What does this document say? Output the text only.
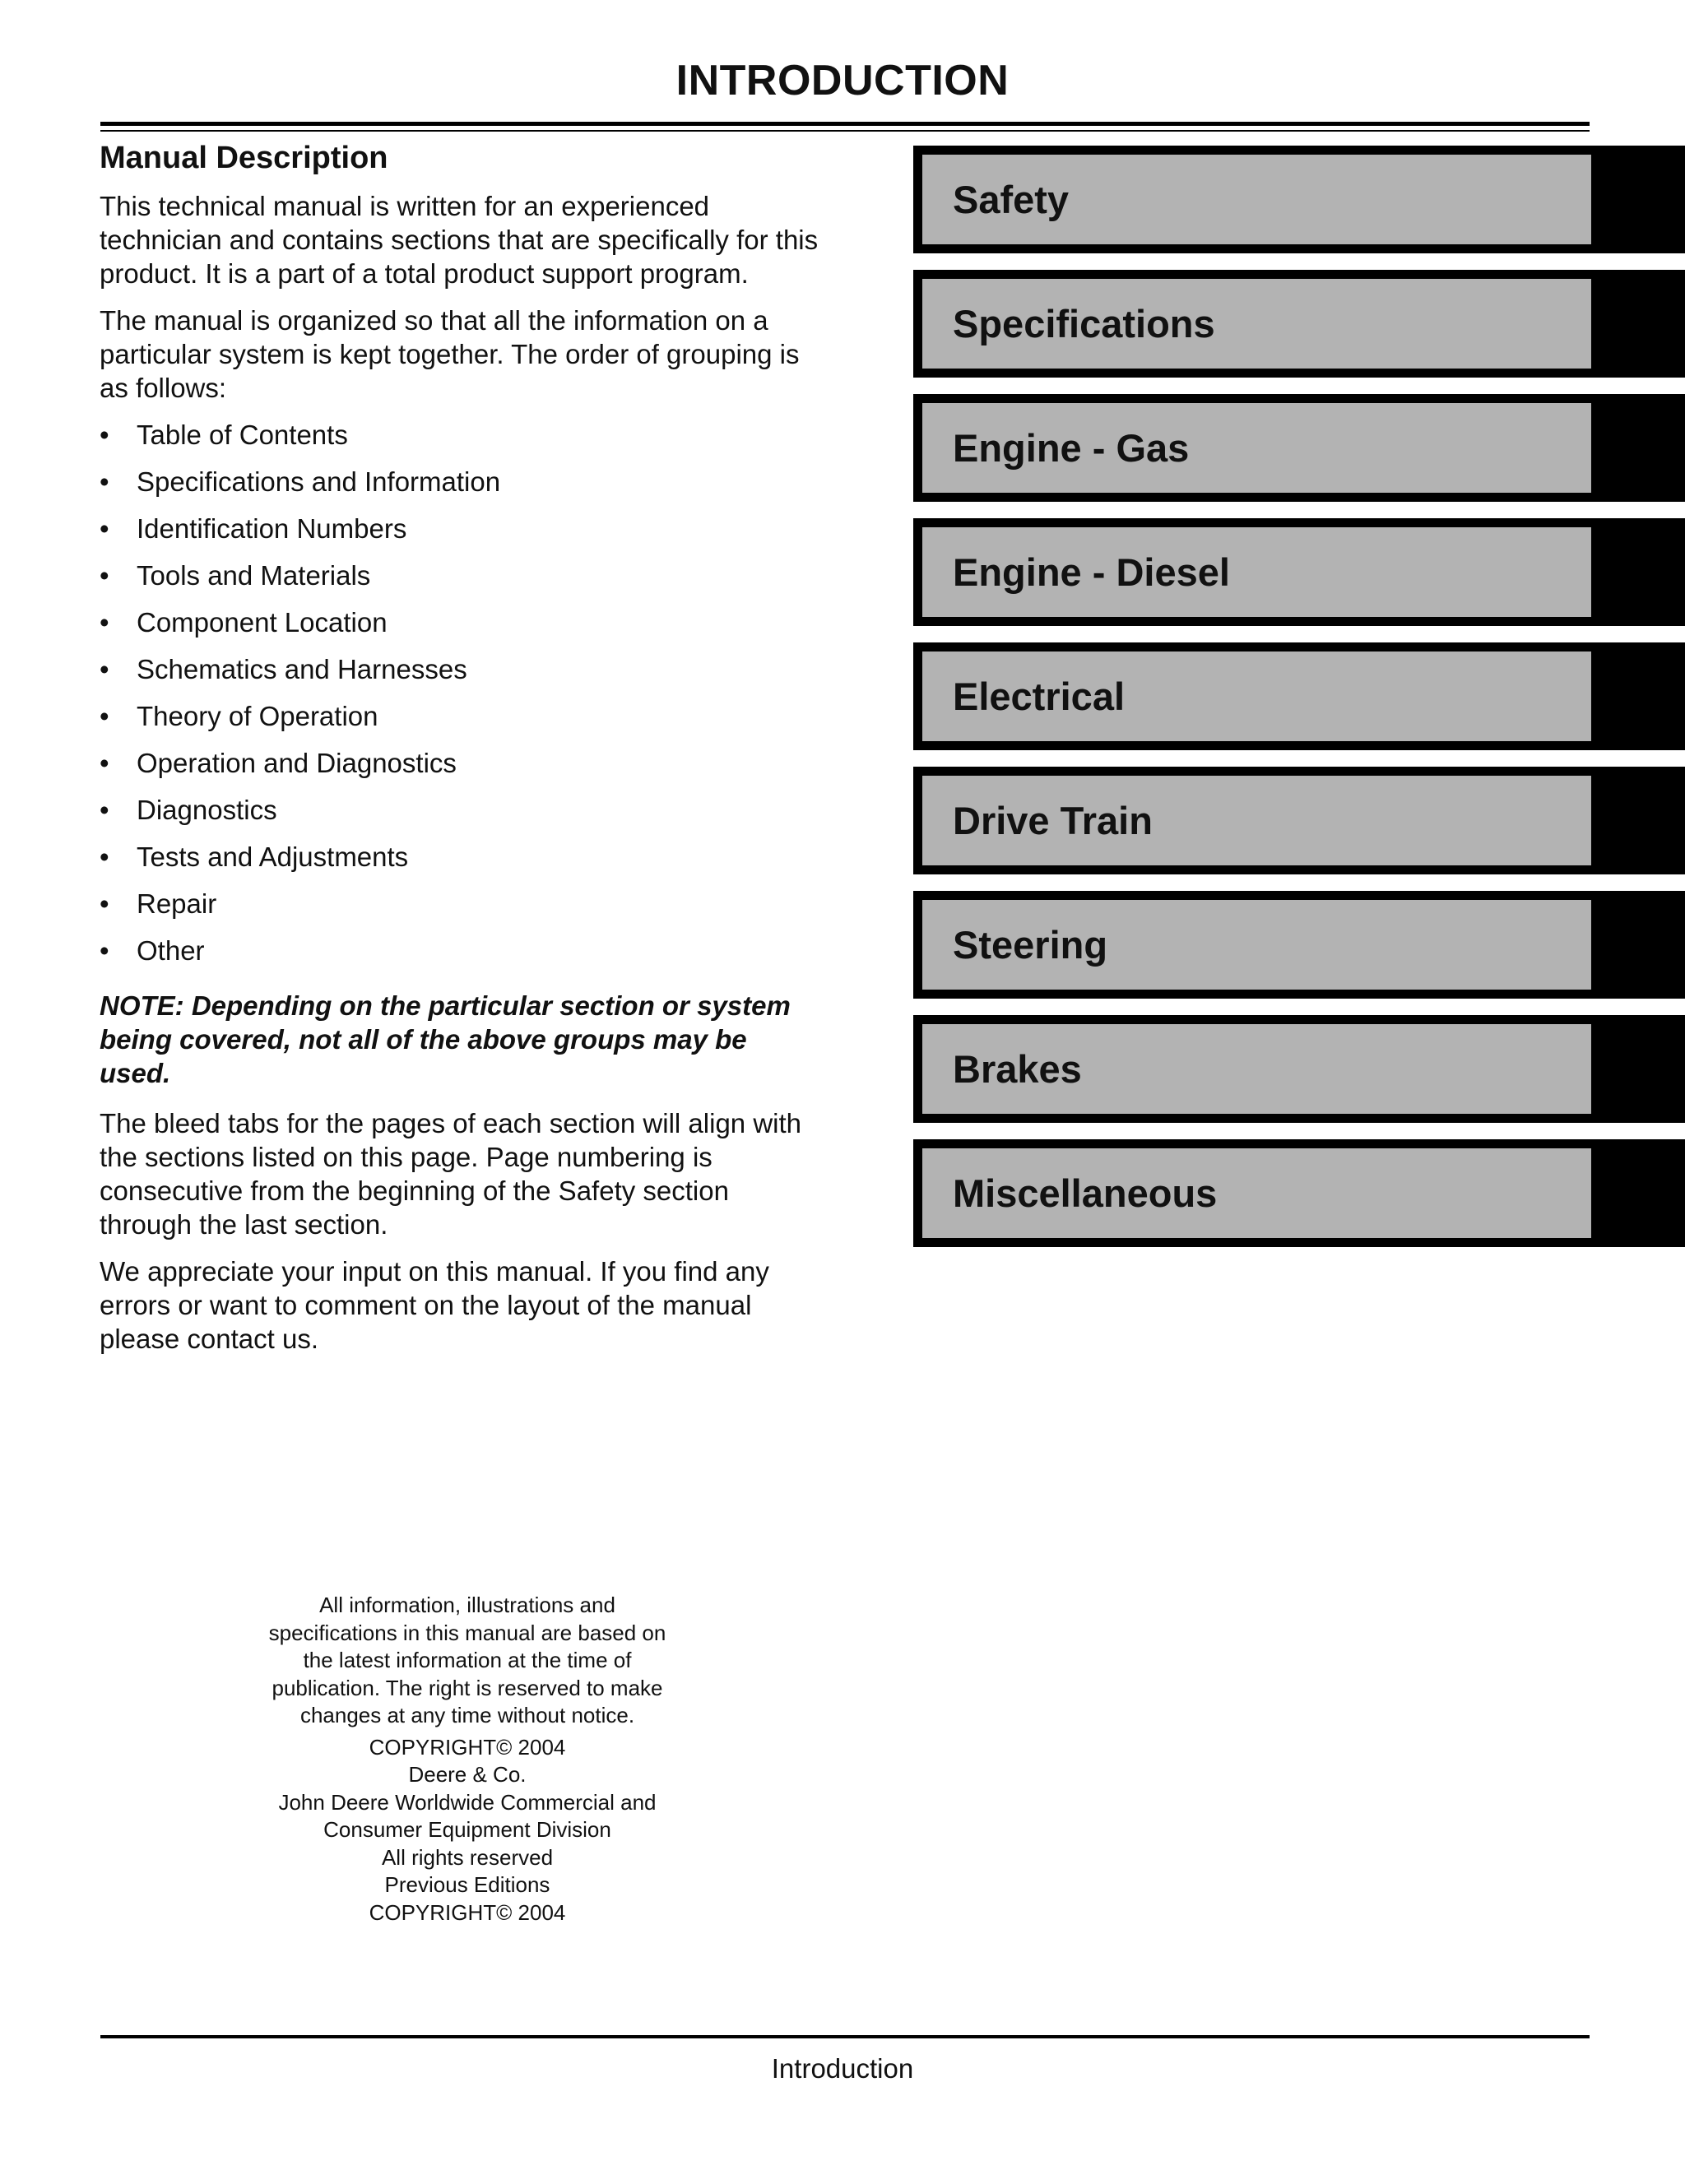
INTRODUCTION
Manual Description

This technical manual is written for an experienced technician and contains sections that are specifically for this product. It is a part of a total product support program.

The manual is organized so that all the information on a particular system is kept together. The order of grouping is as follows:

• Table of Contents
• Specifications and Information
• Identification Numbers
• Tools and Materials
• Component Location
• Schematics and Harnesses
• Theory of Operation
• Operation and Diagnostics
• Diagnostics
• Tests and Adjustments
• Repair
• Other

NOTE: Depending on the particular section or system being covered, not all of the above groups may be used.

The bleed tabs for the pages of each section will align with the sections listed on this page. Page numbering is consecutive from the beginning of the Safety section through the last section.

We appreciate your input on this manual. If you find any errors or want to comment on the layout of the manual please contact us.

Safety
Specifications
Engine - Gas
Engine - Diesel
Electrical
Drive Train
Steering
Brakes
Miscellaneous
All information, illustrations and specifications in this manual are based on the latest information at the time of publication. The right is reserved to make changes at any time without notice.
COPYRIGHT© 2004
Deere & Co.
John Deere Worldwide Commercial and
Consumer Equipment Division
All rights reserved
Previous Editions
COPYRIGHT© 2004
Introduction
